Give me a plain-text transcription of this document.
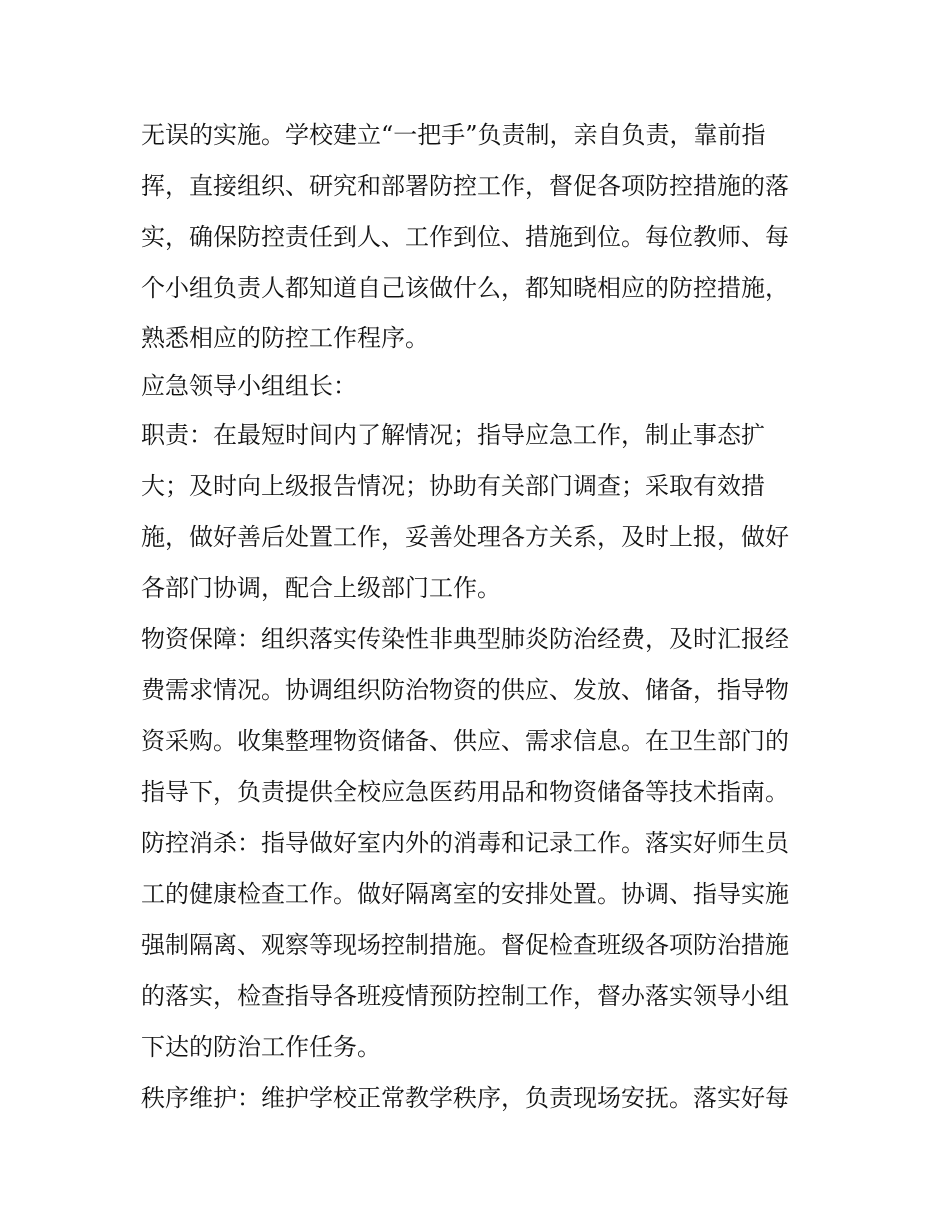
无误的实施。学校建立“一把手”负责制，亲自负责，靠前指
挥，直接组织、研究和部署防控工作，督促各项防控措施的落
实，确保防控责任到人、工作到位、措施到位。每位教师、每
个小组负责人都知道自己该做什么，都知晓相应的防控措施，
熟悉相应的防控工作程序。
应急领导小组组长：
职责：在最短时间内了解情况；指导应急工作，制止事态扩
大；及时向上级报告情况；协助有关部门调查；采取有效措
施，做好善后处置工作，妥善处理各方关系，及时上报，做好
各部门协调，配合上级部门工作。
物资保障：组织落实传染性非典型肺炎防治经费，及时汇报经
费需求情况。协调组织防治物资的供应、发放、储备，指导物
资采购。收集整理物资储备、供应、需求信息。在卫生部门的
指导下，负责提供全校应急医药用品和物资储备等技术指南。
防控消杀：指导做好室内外的消毒和记录工作。落实好师生员
工的健康检查工作。做好隔离室的安排处置。协调、指导实施
强制隔离、观察等现场控制措施。督促检查班级各项防治措施
的落实，检查指导各班疫情预防控制工作，督办落实领导小组
下达的防治工作任务。
秩序维护：维护学校正常教学秩序，负责现场安抚。落实好每
